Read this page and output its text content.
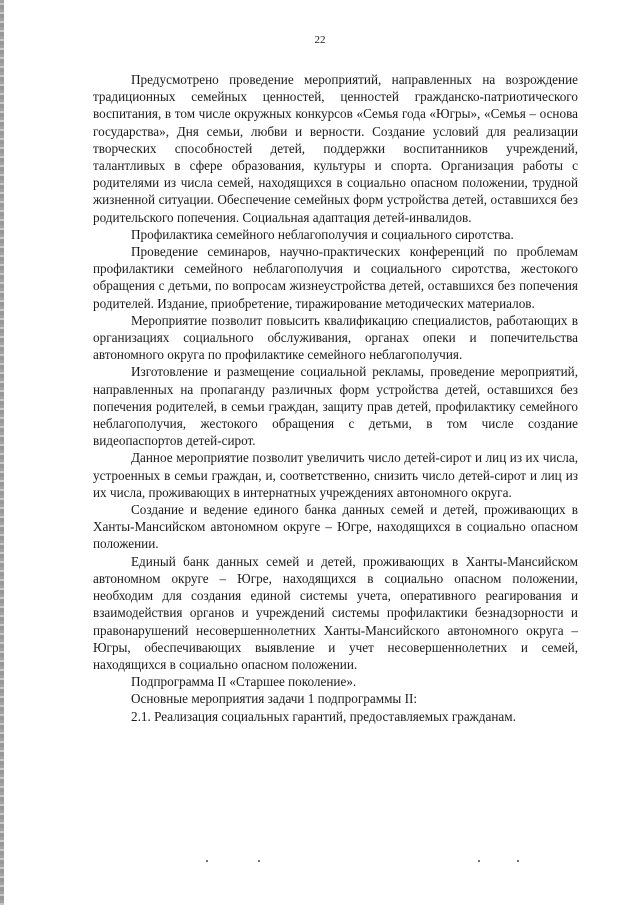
22

Предусмотрено проведение мероприятий, направленных на возрождение традиционных семейных ценностей, ценностей гражданско-патриотического воспитания, в том числе окружных конкурсов «Семья года «Югры», «Семья – основа государства», Дня семьи, любви и верности. Создание условий для реализации творческих способностей детей, поддержки воспитанников учреждений, талантливых в сфере образования, культуры и спорта. Организация работы с родителями из числа семей, находящихся в социально опасном положении, трудной жизненной ситуации. Обеспечение семейных форм устройства детей, оставшихся без родительского попечения. Социальная адаптация детей-инвалидов.

Профилактика семейного неблагополучия и социального сиротства.

Проведение семинаров, научно-практических конференций по проблемам профилактики семейного неблагополучия и социального сиротства, жестокого обращения с детьми, по вопросам жизнеустройства детей, оставшихся без попечения родителей. Издание, приобретение, тиражирование методических материалов.

Мероприятие позволит повысить квалификацию специалистов, работающих в организациях социального обслуживания, органах опеки и попечительства автономного округа по профилактике семейного неблагополучия.

Изготовление и размещение социальной рекламы, проведение мероприятий, направленных на пропаганду различных форм устройства детей, оставшихся без попечения родителей, в семьи граждан, защиту прав детей, профилактику семейного неблагополучия, жестокого обращения с детьми, в том числе создание видеопаспортов детей-сирот.

Данное мероприятие позволит увеличить число детей-сирот и лиц из их числа, устроенных в семьи граждан, и, соответственно, снизить число детей-сирот и лиц из их числа, проживающих в интернатных учреждениях автономного округа.

Создание и ведение единого банка данных семей и детей, проживающих в Ханты-Мансийском автономном округе – Югре, находящихся в социально опасном положении.

Единый банк данных семей и детей, проживающих в Ханты-Мансийском автономном округе – Югре, находящихся в социально опасном положении, необходим для создания единой системы учета, оперативного реагирования и взаимодействия органов и учреждений системы профилактики безнадзорности и правонарушений несовершеннолетних Ханты-Мансийского автономного округа – Югры, обеспечивающих выявление и учет несовершеннолетних и семей, находящихся в социально опасном положении.

Подпрограмма II «Старшее поколение».

Основные мероприятия задачи 1 подпрограммы II:

2.1. Реализация социальных гарантий, предоставляемых гражданам.
